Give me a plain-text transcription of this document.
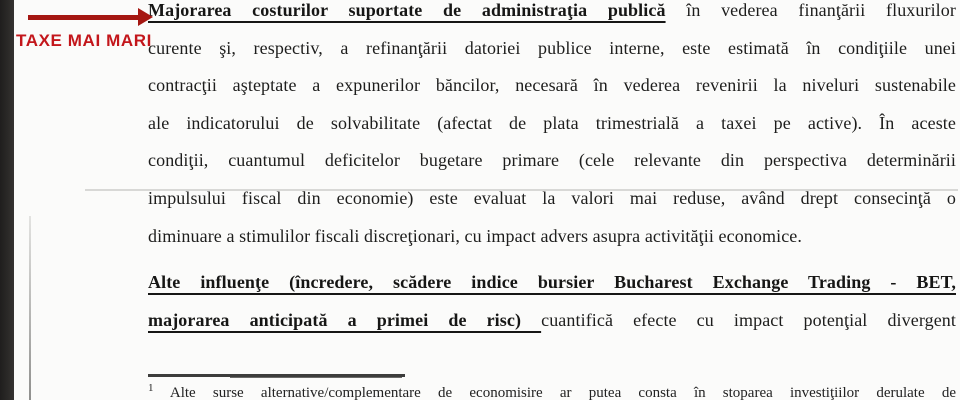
TAXE MAI MARI
Majorarea costurilor suportate de administraţia publică în vederea finanţării fluxurilor
curente şi, respectiv, a refinanţării datoriei publice interne, este estimată în condiţiile unei
contracţii aşteptate a expunerilor băncilor, necesară în vederea revenirii la niveluri sustenabile
ale indicatorului de solvabilitate (afectat de plata trimestrială a taxei pe active). În aceste
condiţii, cuantumul deficitelor bugetare primare (cele relevante din perspectiva determinării
impulsului fiscal din economie) este evaluat la valori mai reduse, având drept consecinţă o
diminuare a stimulilor fiscali discreţionari, cu impact advers asupra activităţii economice.
Alte influenţe (încredere, scădere indice bursier Bucharest Exchange Trading - BET,
majorarea anticipată a primei de risc) cuantifică efecte cu impact potenţial divergent
$^1$ Alte surse alternative/complementare de economisire ar putea consta în stoparea investiţiilor derulate de
